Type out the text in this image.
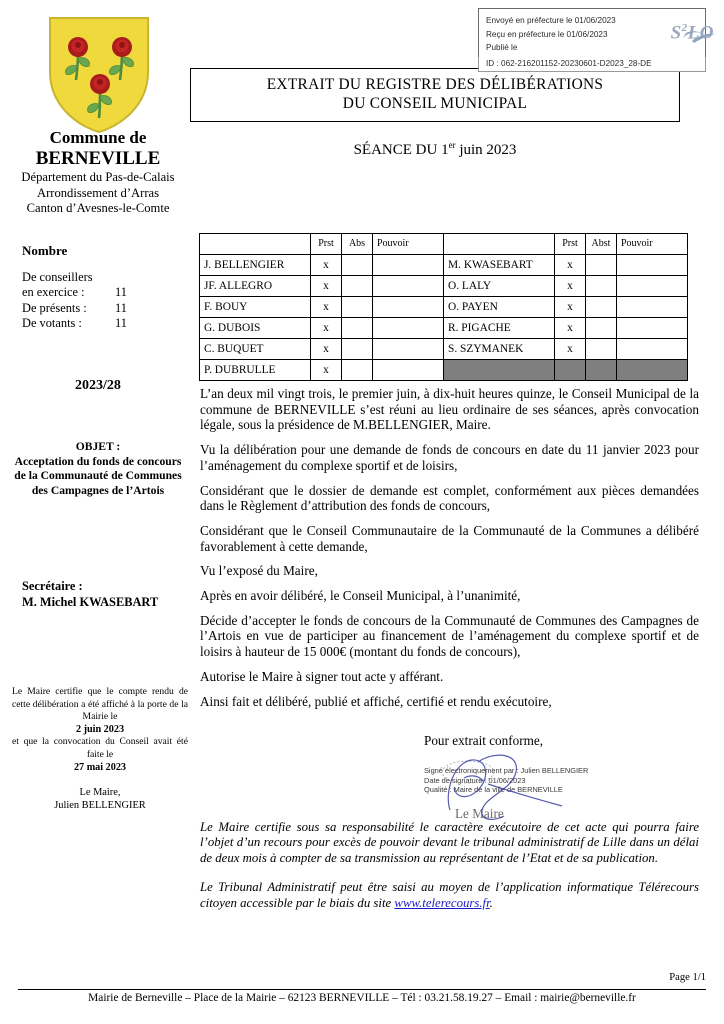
Envoyé en préfecture le 01/06/2023
Reçu en préfecture le 01/06/2023
Publié le
ID : 062-216201152-20230601-D2023_28-DE
$S^2LO$
EXTRAIT DU REGISTRE DES DÉLIBÉRATIONS
DU CONSEIL MUNICIPAL
SÉANCE DU 1er juin 2023
Commune de
BERNEVILLE
Département du Pas-de-Calais
Arrondissement d’Arras
Canton d’Avesnes-le-Comte
Nombre
De conseillers
en exercice :	11
De présents :	11
De votants :	11
2023/28
OBJET :
Acceptation du fonds de concours de la Communauté de Communes des Campagnes de l’Artois
Secrétaire :
M. Michel KWASEBART
Le Maire certifie que le compte rendu de cette délibération a été affiché à la porte de la Mairie le
2 juin 2023
et que la convocation du Conseil avait été faite le
27 mai 2023
Le Maire,
Julien BELLENGIER
	Prst	Abs	Pouvoir		Prst	Abst	Pouvoir
J. BELLENGIER	x			M. KWASEBART	x		
JF. ALLEGRO	x			O. LALY	x		
F. BOUY	x			O. PAYEN	x		
G. DUBOIS	x			R. PIGACHE	x		
C. BUQUET	x			S. SZYMANEK	x		
P. DUBRULLE	x						

L’an deux mil vingt trois, le premier juin, à dix-huit heures quinze, le Conseil Municipal de la commune de BERNEVILLE s’est réuni au lieu ordinaire de ses séances, après convocation légale, sous la présidence de M.BELLENGIER, Maire.

Vu la délibération pour une demande de fonds de concours en date du 11 janvier 2023 pour l’aménagement du complexe sportif et de loisirs,

Considérant que le dossier de demande est complet, conformément aux pièces demandées dans le Règlement d’attribution des fonds de concours,

Considérant que le Conseil Communautaire de la Communauté de la Communes a délibéré favorablement à cette demande,

Vu l’exposé du Maire,

Après en avoir délibéré, le Conseil Municipal, à l’unanimité,

Décide d’accepter le fonds de concours de la Communauté de Communes des Campagnes de l’Artois en vue de participer au financement de l’aménagement du complexe sportif et de loisirs à hauteur de 15 000€ (montant du fonds de concours),

Autorise le Maire à signer tout acte y afférant.

Ainsi fait et délibéré, publié et affiché, certifié et rendu exécutoire,

Pour extrait conforme,
Le Maire
Signé électroniquement par : Julien BELLENGIER
Date de signature : 01/06/2023
Qualité : Maire de la ville de BERNEVILLE

Le Maire certifie sous sa responsabilité le caractère exécutoire de cet acte qui pourra faire l’objet d’un recours pour excès de pouvoir devant le tribunal administratif de Lille dans un délai de deux mois à compter de sa transmission au représentant de l’Etat et de sa publication.

Le Tribunal Administratif peut être saisi au moyen de l’application informatique Télérecours citoyen accessible par le biais du site www.telerecours.fr.

Page 1/1
Mairie de Berneville – Place de la Mairie – 62123 BERNEVILLE – Tél : 03.21.58.19.27 – Email : mairie@berneville.fr
